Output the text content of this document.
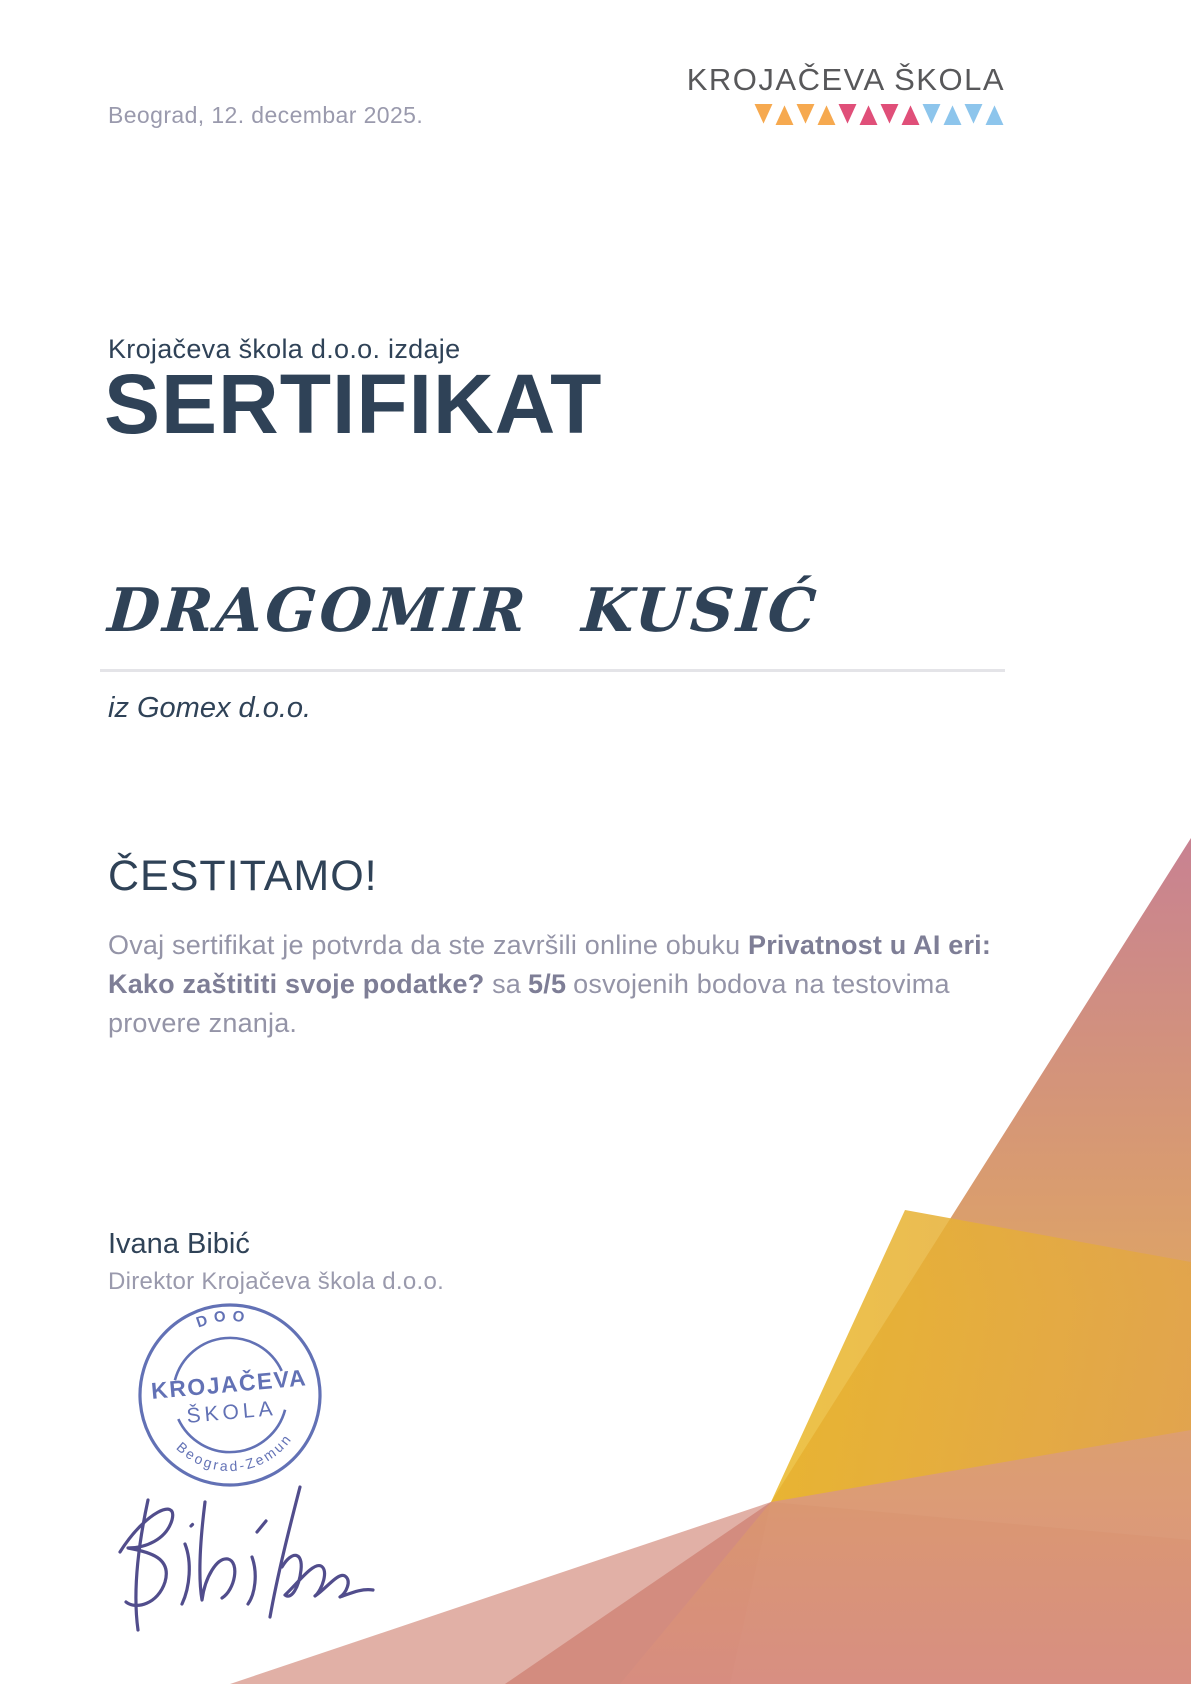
Beograd, 12. decembar 2025.
KROJAČEVA ŠKOLA
Krojačeva škola d.o.o. izdaje
SERTIFIKAT
DRAGOMIR KUSIĆ
iz Gomex d.o.o.
ČESTITAMO!

Ovaj sertifikat je potvrda da ste završili online obuku Privatnost u AI eri: Kako zaštititi svoje podatke? sa 5/5 osvojenih bodova na testovima provere znanja.

Ivana Bibić
Direktor Krojačeva škola d.o.o.
DOO
KROJAČEVA
ŠKOLA
Beograd-Zemun
